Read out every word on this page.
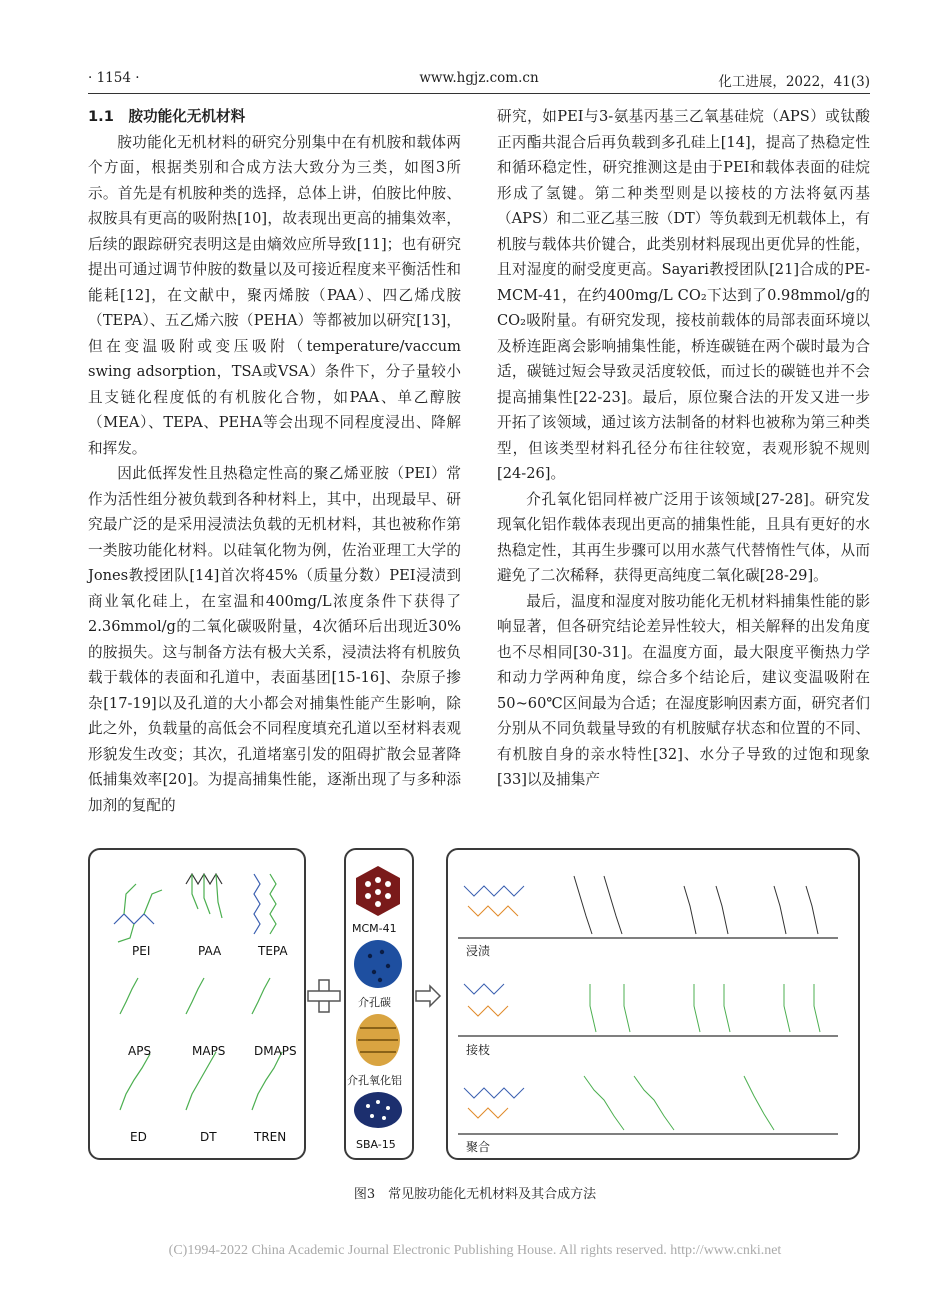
· 1154 ·	www.hgjz.com.cn	化工进展，2022，41(3)
1.1　胺功能化无机材料

胺功能化无机材料的研究分别集中在有机胺和载体两个方面，根据类别和合成方法大致分为三类，如图3所示。首先是有机胺种类的选择，总体上讲，伯胺比仲胺、叔胺具有更高的吸附热[10]，故表现出更高的捕集效率，后续的跟踪研究表明这是由熵效应所导致[11]；也有研究提出可通过调节仲胺的数量以及可接近程度来平衡活性和能耗[12]，在文献中，聚丙烯胺（PAA）、四乙烯戊胺（TEPA）、五乙烯六胺（PEHA）等都被加以研究[13]，但在变温吸附或变压吸附（temperature/vaccum swing adsorption，TSA或VSA）条件下，分子量较小且支链化程度低的有机胺化合物，如PAA、单乙醇胺（MEA）、TEPA、PEHA等会出现不同程度浸出、降解和挥发。

因此低挥发性且热稳定性高的聚乙烯亚胺（PEI）常作为活性组分被负载到各种材料上，其中，出现最早、研究最广泛的是采用浸渍法负载的无机材料，其也被称作第一类胺功能化材料。以硅氧化物为例，佐治亚理工大学的Jones教授团队[14]首次将45%（质量分数）PEI浸渍到商业氧化硅上，在室温和400mg/L浓度条件下获得了2.36mmol/g的二氧化碳吸附量，4次循环后出现近30%的胺损失。这与制备方法有极大关系，浸渍法将有机胺负载于载体的表面和孔道中，表面基团[15-16]、杂原子掺杂[17-19]以及孔道的大小都会对捕集性能产生影响，除此之外，负载量的高低会不同程度填充孔道以至材料表观形貌发生改变；其次，孔道堵塞引发的阻碍扩散会显著降低捕集效率[20]。为提高捕集性能，逐渐出现了与多种添加剂的复配的

研究，如PEI与3-氨基丙基三乙氧基硅烷（APS）或钛酸正丙酯共混合后再负载到多孔硅上[14]，提高了热稳定性和循环稳定性，研究推测这是由于PEI和载体表面的硅烷形成了氢键。第二种类型则是以接枝的方法将氨丙基（APS）和二亚乙基三胺（DT）等负载到无机载体上，有机胺与载体共价键合，此类别材料展现出更优异的性能，且对湿度的耐受度更高。Sayari教授团队[21]合成的PE-MCM-41，在约400mg/L CO₂下达到了0.98mmol/g的CO₂吸附量。有研究发现，接枝前载体的局部表面环境以及桥连距离会影响捕集性能，桥连碳链在两个碳时最为合适，碳链过短会导致灵活度较低，而过长的碳链也并不会提高捕集性[22-23]。最后，原位聚合法的开发又进一步开拓了该领域，通过该方法制备的材料也被称为第三种类型，但该类型材料孔径分布往往较宽，表观形貌不规则[24-26]。

介孔氧化铝同样被广泛用于该领域[27-28]。研究发现氧化铝作载体表现出更高的捕集性能，且具有更好的水热稳定性，其再生步骤可以用水蒸气代替惰性气体，从而避免了二次稀释，获得更高纯度二氧化碳[28-29]。

最后，温度和湿度对胺功能化无机材料捕集性能的影响显著，但各研究结论差异性较大，相关解释的出发角度也不尽相同[30-31]。在温度方面，最大限度平衡热力学和动力学两种角度，综合多个结论后，建议变温吸附在50~60℃区间最为合适；在湿度影响因素方面，研究者们分别从不同负载量导致的有机胺赋存状态和位置的不同、有机胺自身的亲水特性[32]、水分子导致的过饱和现象[33]以及捕集产

PEI	PAA	TEPA
APS	MAPS DMAPS
ED	DT	TREN
MCM-41
介孔碳
介孔氧化铝
SBA-15
浸渍
接枝
聚合
图3　常见胺功能化无机材料及其合成方法
(C)1994-2022 China Academic Journal Electronic Publishing House. All rights reserved. http://www.cnki.net
